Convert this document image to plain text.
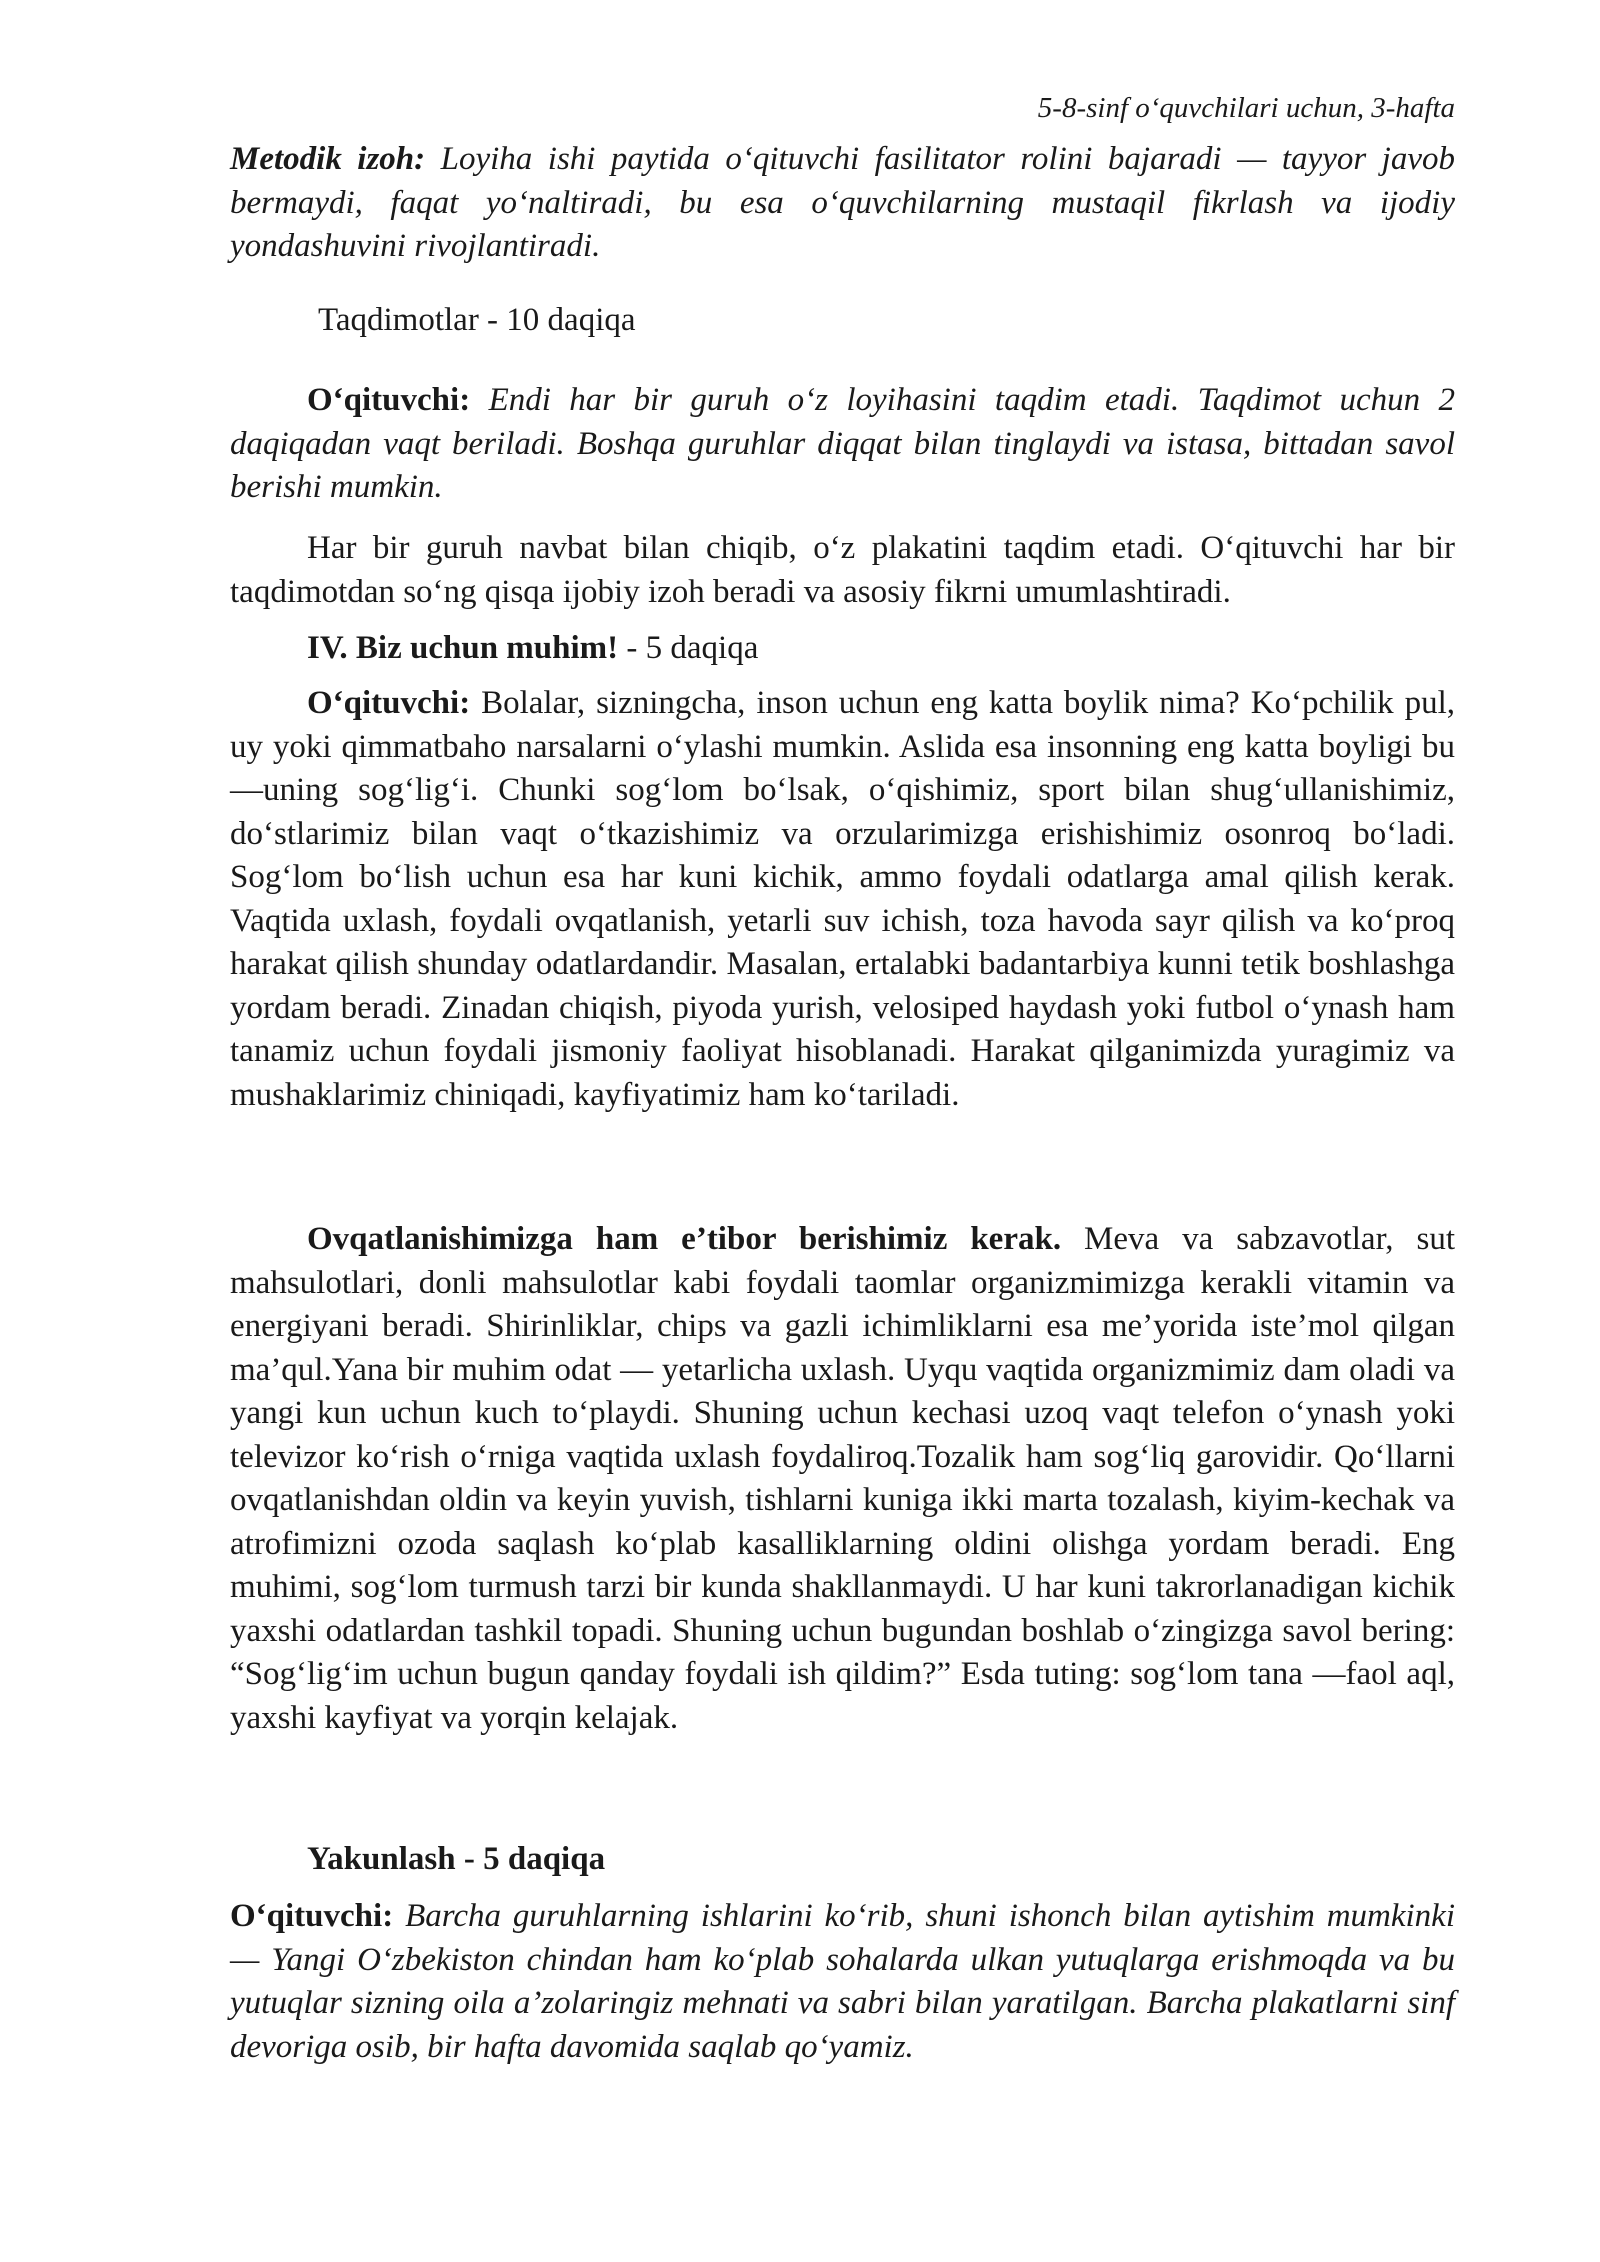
5-8-sinf o‘quvchilari uchun, 3-hafta

Metodik izoh: Loyiha ishi paytida o‘qituvchi fasilitator rolini bajaradi — tayyor javob bermaydi, faqat yo‘naltiradi, bu esa o‘quvchilarning mustaqil fikrlash va ijodiy yondashuvini rivojlantiradi.

Taqdimotlar - 10 daqiqa

O‘qituvchi: Endi har bir guruh o‘z loyihasini taqdim etadi. Taqdimot uchun 2 daqiqadan vaqt beriladi. Boshqa guruhlar diqqat bilan tinglaydi va istasa, bittadan savol berishi mumkin.

Har bir guruh navbat bilan chiqib, o‘z plakatini taqdim etadi. O‘qituvchi har bir taqdimotdan so‘ng qisqa ijobiy izoh beradi va asosiy fikrni umumlashtiradi.

IV. Biz uchun muhim! - 5 daqiqa

O‘qituvchi: Bolalar, sizningcha, inson uchun eng katta boylik nima? Ko‘pchilik pul, uy yoki qimmatbaho narsalarni o‘ylashi mumkin. Aslida esa insonning eng katta boyligi bu —uning sog‘lig‘i. Chunki sog‘lom bo‘lsak, o‘qishimiz, sport bilan shug‘ullanishimiz, do‘stlarimiz bilan vaqt o‘tkazishimiz va orzularimizga erishishimiz osonroq bo‘ladi. Sog‘lom bo‘lish uchun esa har kuni kichik, ammo foydali odatlarga amal qilish kerak. Vaqtida uxlash, foydali ovqatlanish, yetarli suv ichish, toza havoda sayr qilish va ko‘proq harakat qilish shunday odatlardandir. Masalan, ertalabki badantarbiya kunni tetik boshlashga yordam beradi. Zinadan chiqish, piyoda yurish, velosiped haydash yoki futbol o‘ynash ham tanamiz uchun foydali jismoniy faoliyat hisoblanadi. Harakat qilganimizda yuragimiz va mushaklarimiz chiniqadi, kayfiyatimiz ham ko‘tariladi.

Ovqatlanishimizga ham e’tibor berishimiz kerak. Meva va sabzavotlar, sut mahsulotlari, donli mahsulotlar kabi foydali taomlar organizmimizga kerakli vitamin va energiyani beradi. Shirinliklar, chips va gazli ichimliklarni esa me’yorida iste’mol qilgan ma’qul.Yana bir muhim odat — yetarlicha uxlash. Uyqu vaqtida organizmimiz dam oladi va yangi kun uchun kuch to‘playdi. Shuning uchun kechasi uzoq vaqt telefon o‘ynash yoki televizor ko‘rish o‘rniga vaqtida uxlash foydaliroq.Tozalik ham sog‘liq garovidir. Qo‘llarni ovqatlanishdan oldin va keyin yuvish, tishlarni kuniga ikki marta tozalash, kiyim-kechak va atrofimizni ozoda saqlash ko‘plab kasalliklarning oldini olishga yordam beradi. Eng muhimi, sog‘lom turmush tarzi bir kunda shakllanmaydi. U har kuni takrorlanadigan kichik yaxshi odatlardan tashkil topadi. Shuning uchun bugundan boshlab o‘zingizga savol bering: “Sog‘lig‘im uchun bugun qanday foydali ish qildim?” Esda tuting: sog‘lom tana —faol aql, yaxshi kayfiyat va yorqin kelajak.

Yakunlash - 5 daqiqa

O‘qituvchi: Barcha guruhlarning ishlarini ko‘rib, shuni ishonch bilan aytishim mumkinki — Yangi O‘zbekiston chindan ham ko‘plab sohalarda ulkan yutuqlarga erishmoqda va bu yutuqlar sizning oila a’zolaringiz mehnati va sabri bilan yaratilgan. Barcha plakatlarni sinf devoriga osib, bir hafta davomida saqlab qo‘yamiz.
